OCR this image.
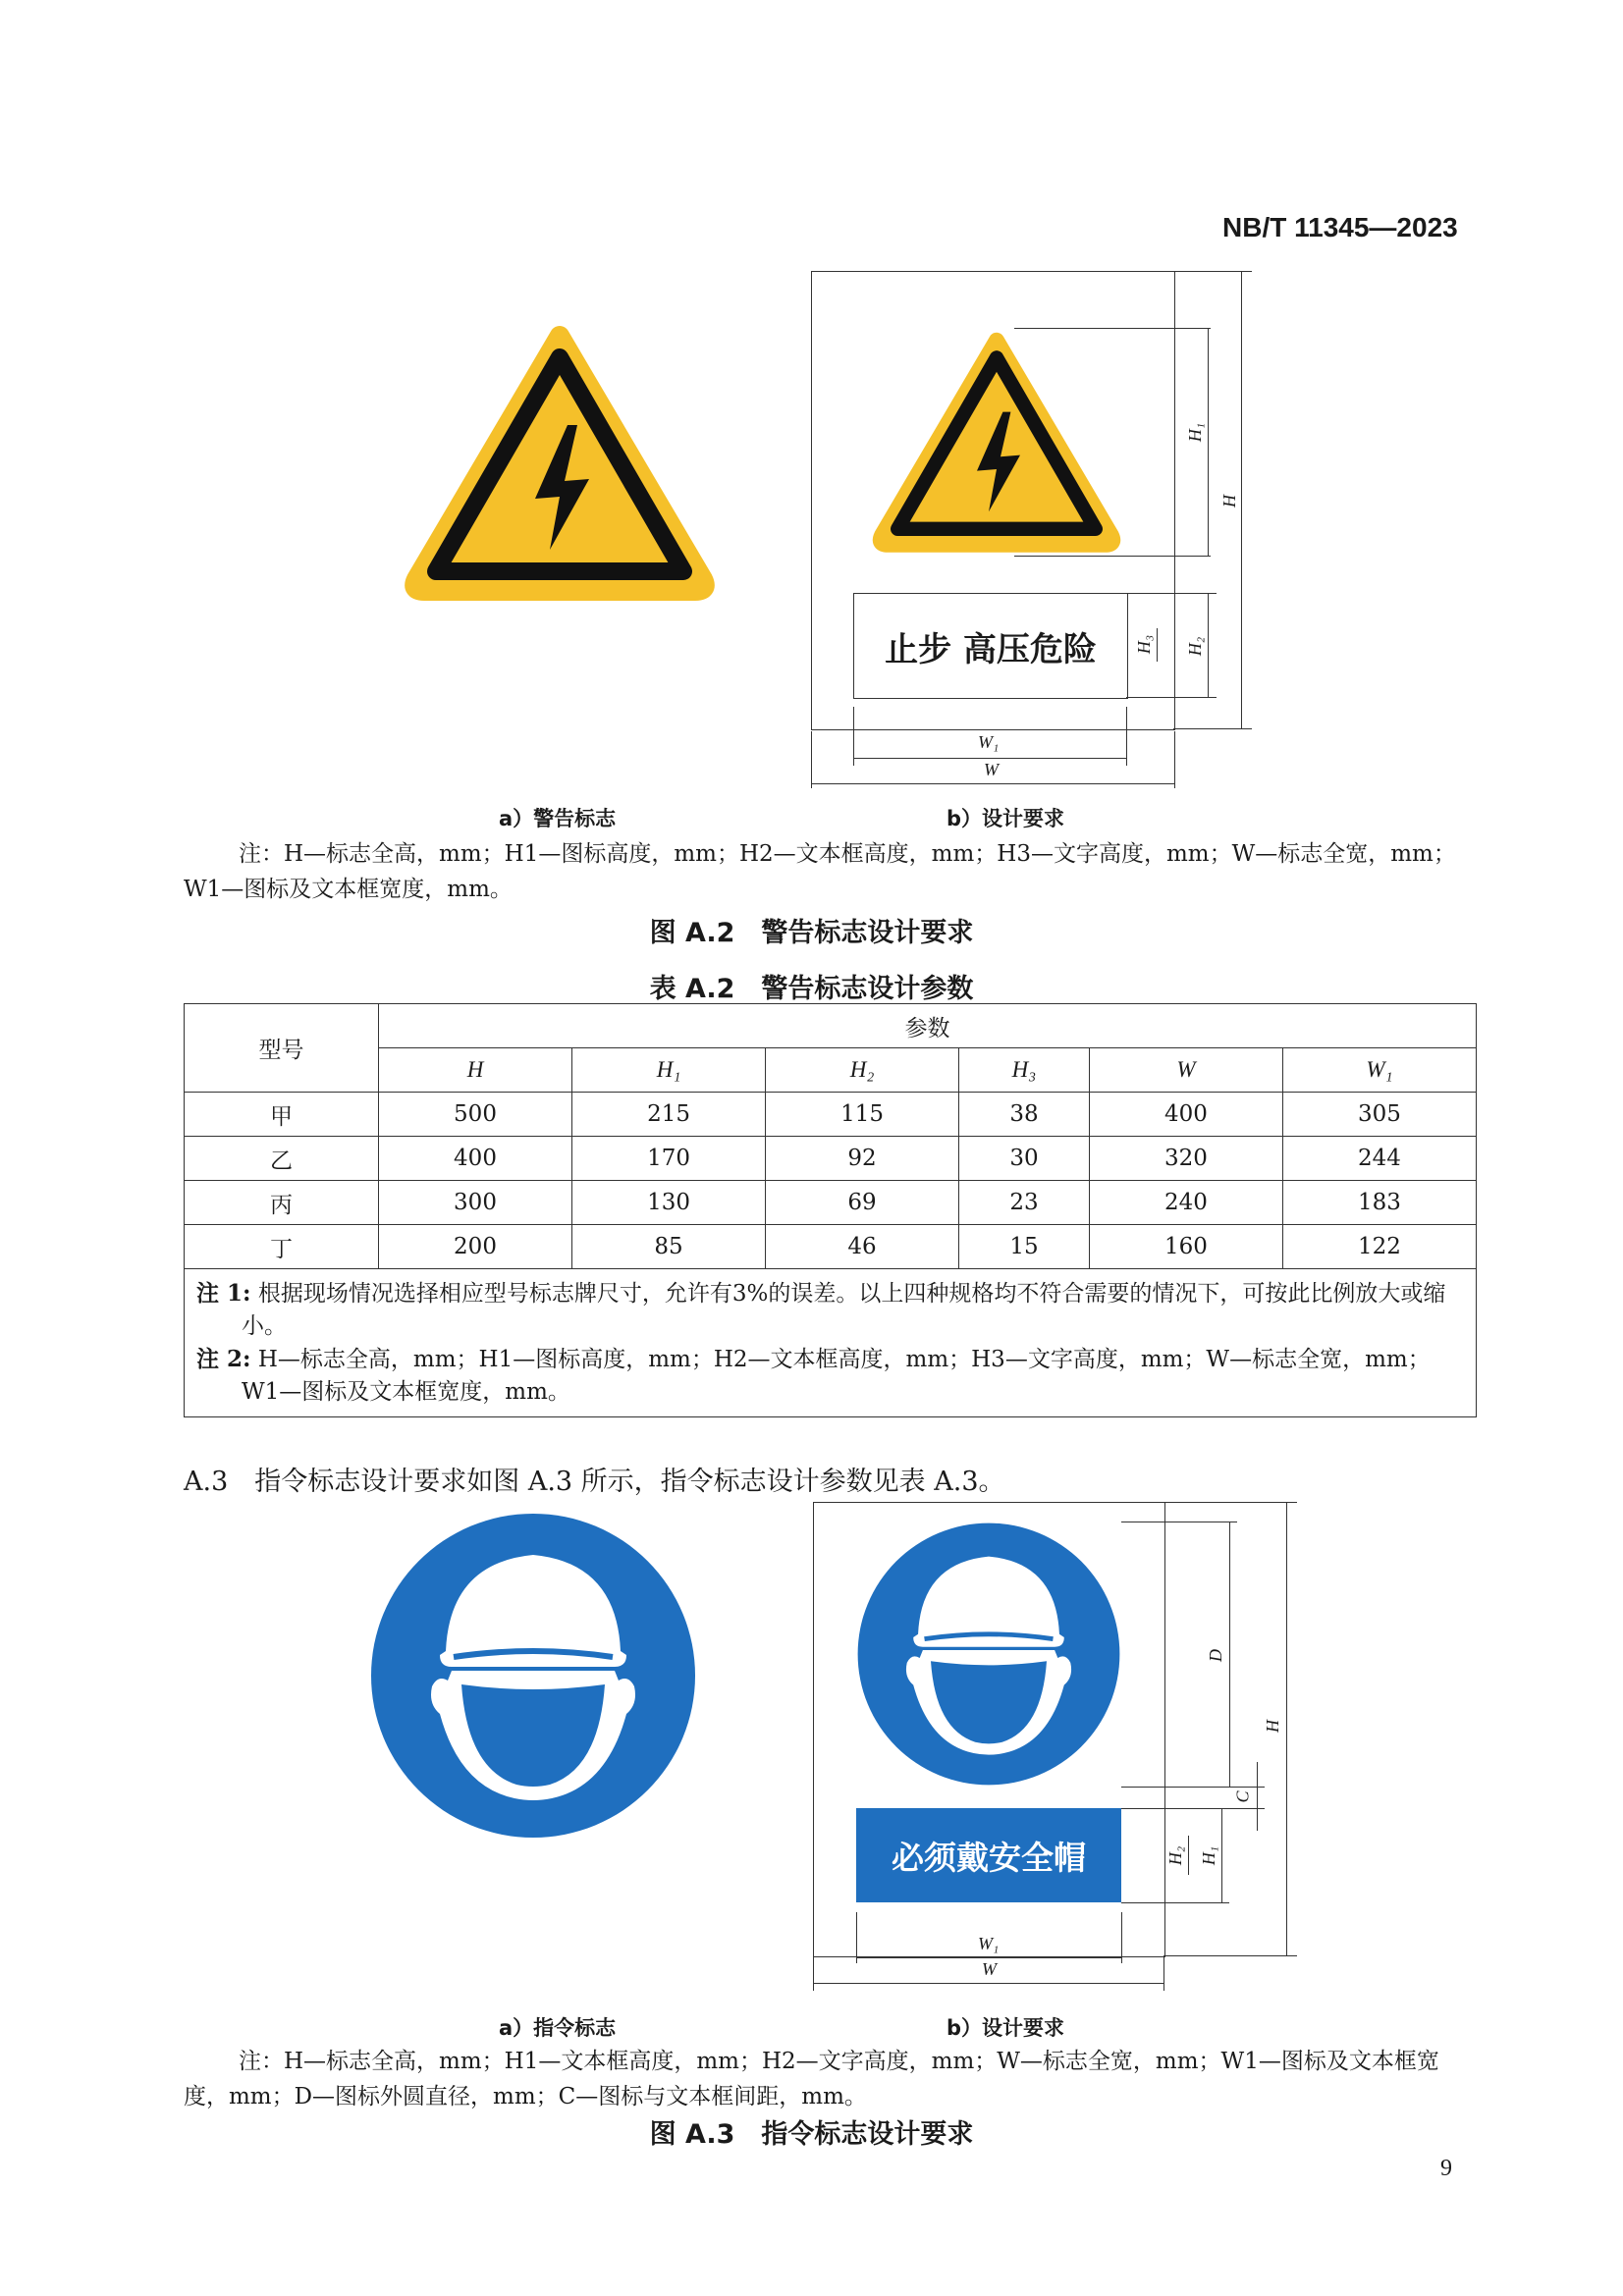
NB/T 11345—2023
止步 高压危险
H₁
H
H₂
H₃
W₁
W
a）警告标志	b）设计要求
注：H—标志全高，mm；H1—图标高度，mm；H2—文本框高度，mm；H3—文字高度，mm；W—标志全宽，mm；W1—图标及文本框宽度，mm。
图 A.2　警告标志设计要求
表 A.2　警告标志设计参数
型号	参数					
	H	H₁	H₂	H₃	W	W₁
甲	500	215	115	38	400	305
乙	400	170	92	30	320	244
丙	300	130	69	23	240	183
丁	200	85	46	15	160	122

注 1: 根据现场情况选择相应型号标志牌尺寸，允许有3%的误差。以上四种规格均不符合需要的情况下，可按此比例放大或缩小。
注 2: H—标志全高，mm；H1—图标高度，mm；H2—文本框高度，mm；H3—文字高度，mm；W—标志全宽，mm；W1—图标及文本框宽度，mm。						
A.3　指令标志设计要求如图 A.3 所示，指令标志设计参数见表 A.3。
必须戴安全帽
D
C
H
H₁
H₂
W₁
W
a）指令标志	b）设计要求
注：H—标志全高，mm；H1—文本框高度，mm；H2—文字高度，mm；W—标志全宽，mm；W1—图标及文本框宽度，mm；D—图标外圆直径，mm；C—图标与文本框间距，mm。
图 A.3　指令标志设计要求
9
